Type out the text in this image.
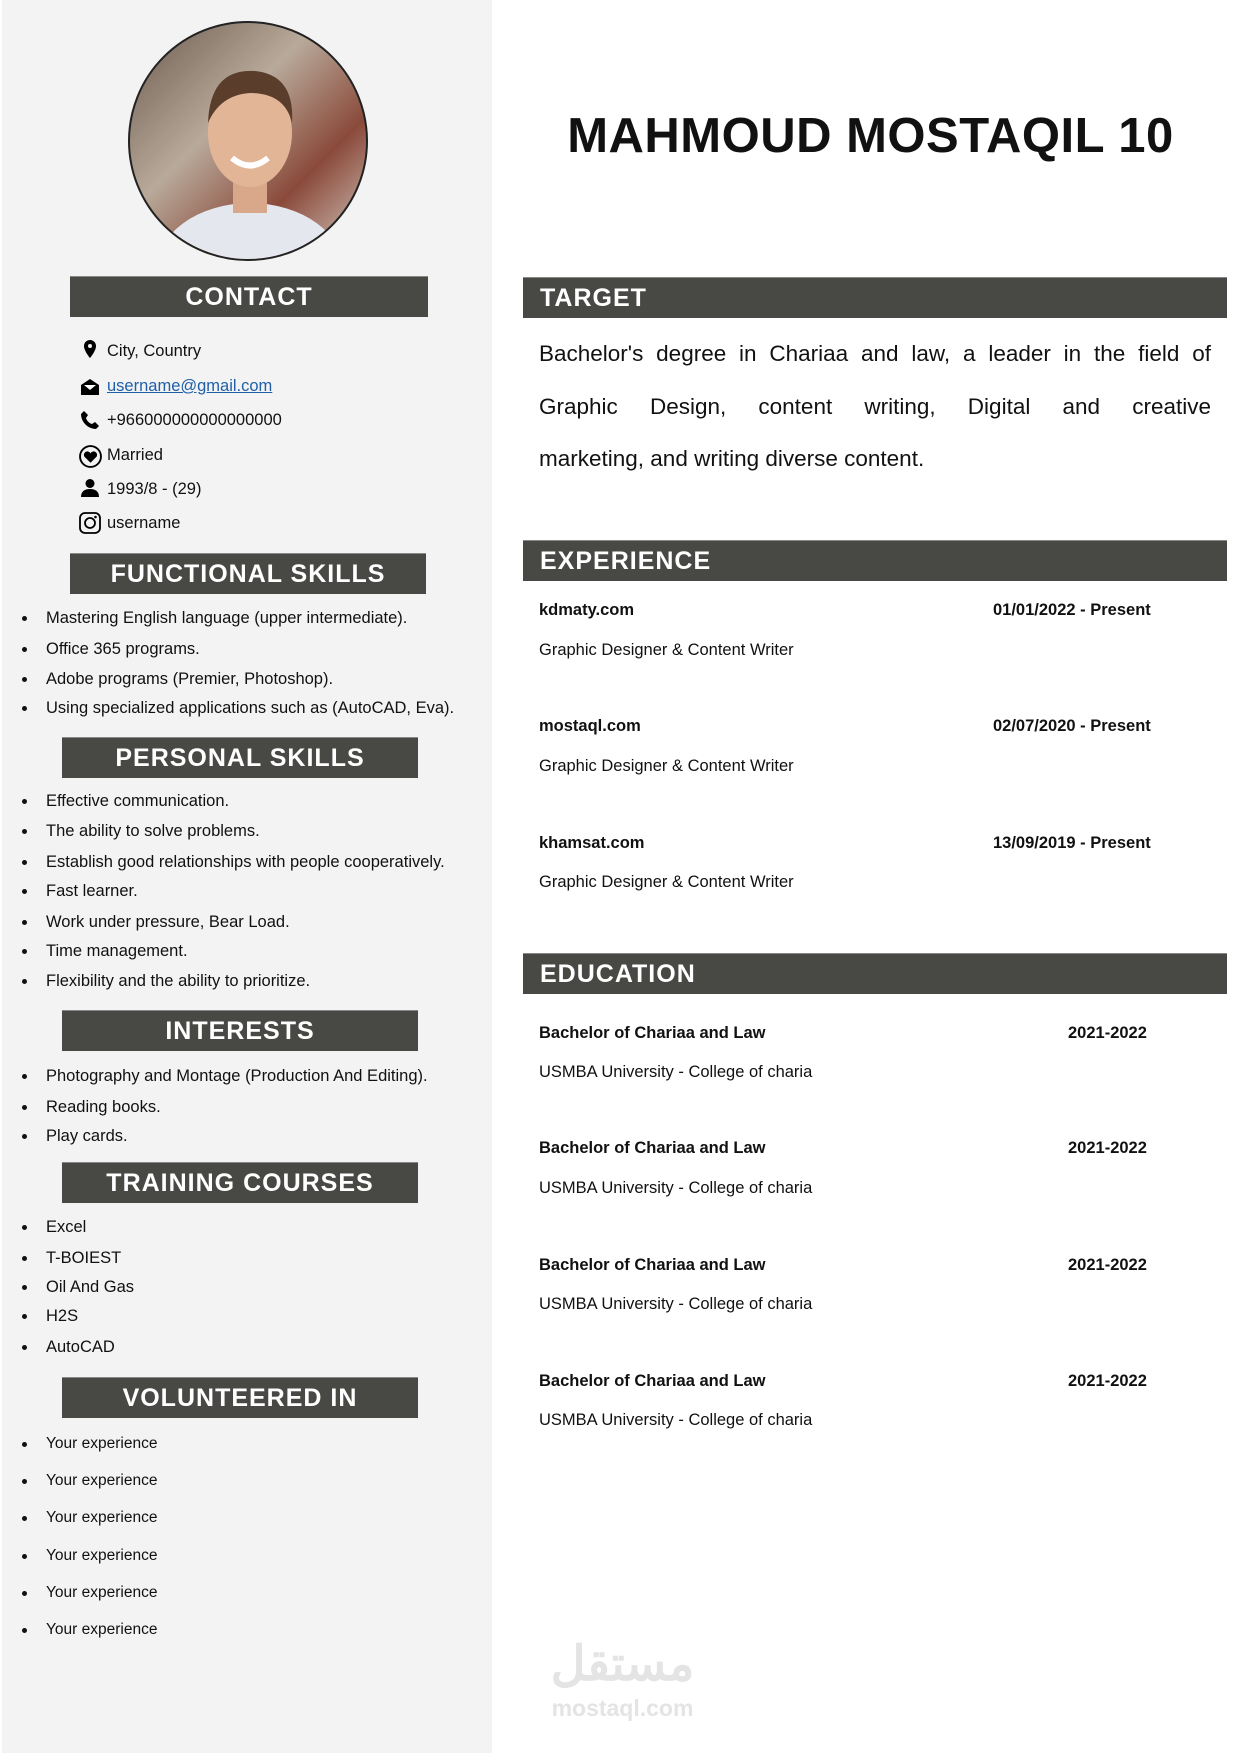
MAHMOUD MOSTAQIL 10
CONTACT
City, Country
username@gmail.com
+966000000000000000
Married
1993/8 - (29)
username
FUNCTIONAL SKILLS
Mastering English language (upper intermediate).
Office 365 programs.
Adobe programs (Premier, Photoshop).
Using specialized applications such as (AutoCAD, Eva).
PERSONAL SKILLS
Effective communication.
The ability to solve problems.
Establish good relationships with people cooperatively.
Fast learner.
Work under pressure, Bear Load.
Time management.
Flexibility and the ability to prioritize.
INTERESTS
Photography and Montage (Production And Editing).
Reading books.
Play cards.
TRAINING COURSES
Excel
T-BOIEST
Oil And Gas
H2S
AutoCAD
VOLUNTEERED IN
Your experience
Your experience
Your experience
Your experience
Your experience
Your experience
TARGET
Bachelor's degree in Chariaa and law, a leader in the field of
Graphic Design, content writing, Digital and creative
marketing, and writing diverse content.
EXPERIENCE
kdmaty.com	01/01/2022 - Present
Graphic Designer & Content Writer
mostaql.com	02/07/2020 - Present
Graphic Designer & Content Writer
khamsat.com	13/09/2019 - Present
Graphic Designer & Content Writer
EDUCATION
Bachelor of Chariaa and Law	2021-2022
USMBA University - College of charia
Bachelor of Chariaa and Law	2021-2022
USMBA University - College of charia
Bachelor of Chariaa and Law	2021-2022
USMBA University - College of charia
Bachelor of Chariaa and Law	2021-2022
USMBA University - College of charia
مستقل
mostaql.com
